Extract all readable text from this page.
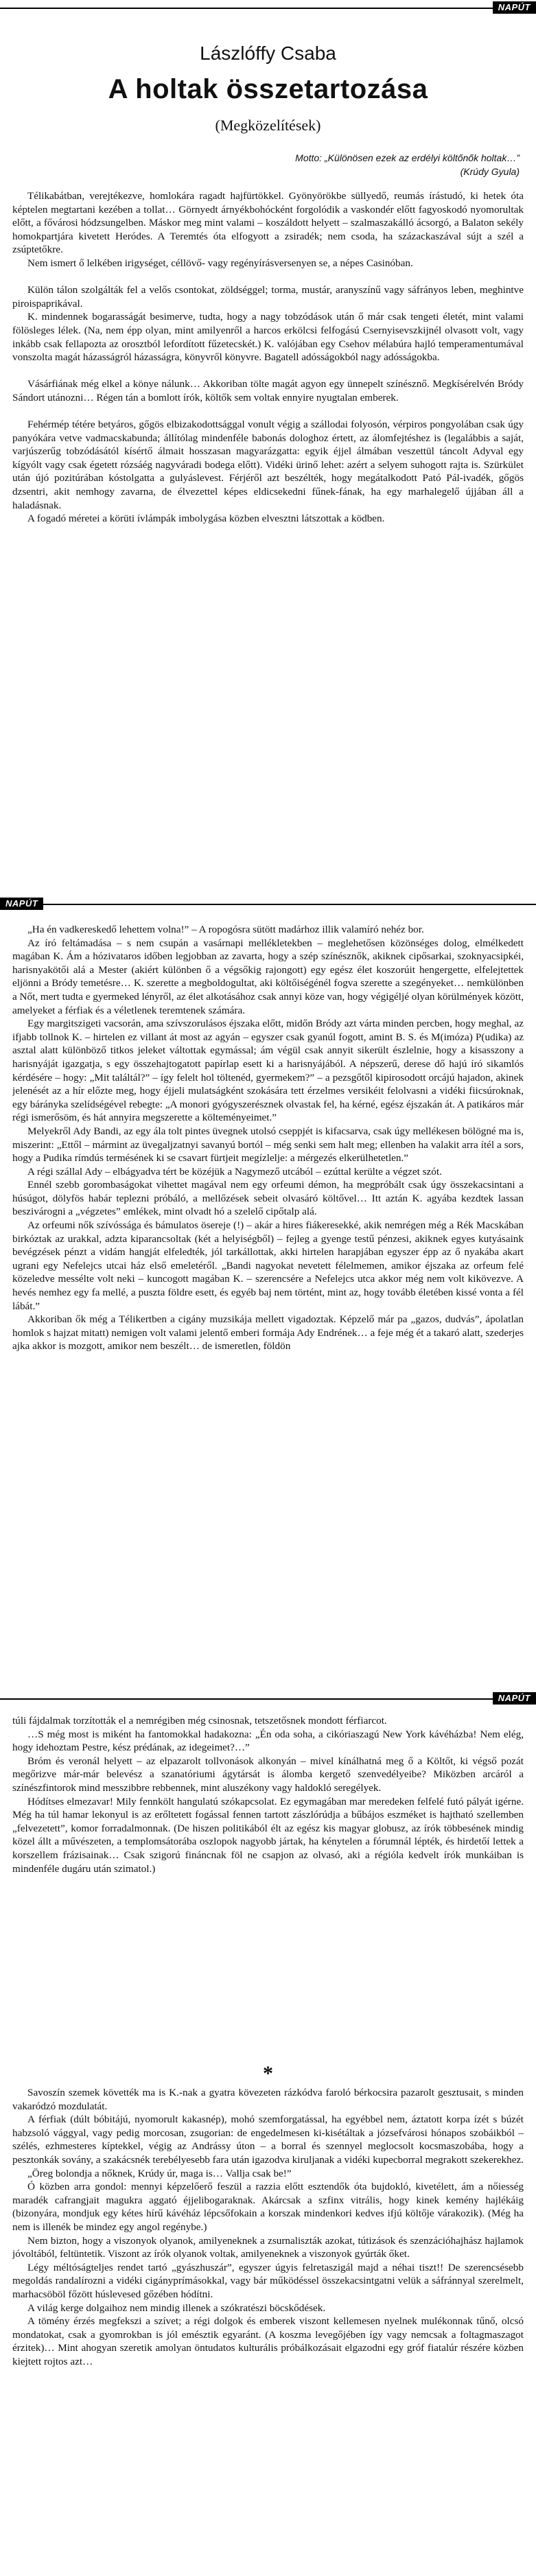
NAPÚT
Lászlóffy Csaba
A holtak összetartozása
(Megközelítések)
Motto: „Különösen ezek az erdélyi költőnők holtak…”
(Krúdy Gyula)

Télikabátban, verejtékezve, homlokára ragadt hajfürtökkel. Gyönyörökbe süllyedő, reumás írástudó, ki hetek óta képtelen megtartani kezében a tollat… Görnyedt árnyékbohócként forgolódik a vaskondér előtt fagyoskodó nyomorultak előtt, a fővárosi hódzsungelben. Máskor meg mint valami – koszáldott helyett – szalmaszakálló ácsorgó, a Balaton sekély homokpartjára kivetett Heródes. A Teremtés óta elfogyott a zsiradék; nem csoda, ha százackaszával sújt a szél a zsúptetőkre.

Nem ismert ő lelkében irigységet, céllövő- vagy regényírásversenyen se, a népes Casinóban.

Külön tálon szolgálták fel a velős csontokat, zöldséggel; torma, mustár, aranyszínű vagy sáfrányos leben, meghintve piroispaprikával.

K. mindennek bogarasságát besimerve, tudta, hogy a nagy tobzódások után ő már csak tengeti életét, mint valami fölösleges lélek. (Na, nem épp olyan, mint amilyenről a harcos erkölcsi felfogású Csernyisevszkijnél olvasott volt, vagy inkább csak fellapozta az orosztból lefordított fűzetecskét.) K. valójában egy Csehov mélabúra hajló temperamentumával vonszolta magát házasságról házasságra, könyvről könyvre. Bagatell adósságokból nagy adósságokba.

Vásárfiának még elkel a könye nálunk… Akkoriban tölte magát agyon egy ünnepelt színésznő. Megkísérelvén Bródy Sándort utánozni… Régen tán a bomlott írók, költők sem voltak ennyire nyugtalan emberek.

Fehérmép tétére betyáros, gőgös elbizakodottsággal vonult végig a szállodai folyosón, vérpiros pongyolában csak úgy panyókára vetve vadmacskabunda; állítólag mindenféle babonás dologhoz értett, az álomfejtéshez is (legalábbis a saját, varjúszerűg tobzódásától kísértő álmait hosszasan magyarázgatta: egyik éjjel álmában veszettül táncolt Adyval egy kígyólt vagy csak égetett rózsáég nagyváradi bodega előtt). Vidéki ürinő lehet: azért a selyem suhogott rajta is. Szürkület után újó pozitúrában kóstolgatta a gulyáslevest. Férjéről azt beszélték, hogy megátalkodott Pató Pál-ivadék, gőgös dzsentri, akit nemhogy zavarna, de élvezettel képes eldicsekedni fűnek-fának, ha egy marhalegelő újjában áll a haladásnak.

A fogadó méretei a körüti ívlámpák imbolygása közben elvesztni látszottak a ködben.

NAPÚT

„Ha én vadkereskedő lehettem volna!” – A ropogósra sütött madárhoz illik valamíró nehéz bor.

Az író feltámadása – s nem csupán a vasárnapi mellékletekben – meglehetősen közönséges dolog, elmélkedett magában K. Ám a hózivataros időben legjobban az zavarta, hogy a szép színésznők, akiknek cipősarkai, szoknyacsipkéi, harisnyakötői alá a Mester (akiért különben ő a végsőkig rajongott) egy egész élet koszorúit hengergette, elfelejtettek eljönni a Bródy temetésre… K. szerette a megboldogultat, aki költőiségénél fogva szerette a szegényeket… nemkülönben a Nőt, mert tudta e gyermeked lényről, az élet alkotásához csak annyi köze van, hogy végigéljé olyan körülmények között, amelyeket a férfiak és a véletlenek teremtenek számára.

Egy margitszigeti vacsorán, ama szívszorulásos éjszaka előtt, midőn Bródy azt várta minden percben, hogy meghal, az ifjabb tollnok K. – hirtelen ez villant át most az agyán – egyszer csak gyanúl fogott, amint B. S. és M(imóza) P(udika) az asztal alatt különböző titkos jeleket váltottak egymással; ám végül csak annyit sikerült észlelnie, hogy a kisasszony a harisnyáját igazgatja, s egy összehajtogatott papírlap esett ki a harisnyájából. A népszerű, derese dő hajú író sikamlós kérdésére – hogy: „Mit találtál?” – így felelt hol töltenéd, gyermekem?” – a pezsgőtől kipirosodott orcájú hajadon, akinek jelenését az a hír előzte meg, hogy éjjeli mulatságként szokására tett érzelmes versikéit felolvasni a vidéki fiicsúroknak, egy bárányka szelídségével rebegte: „A monori gyógyszerésznek olvastak fel, ha kérné, egész éjszakán át. A patikáros már régi ismerősöm, és hát annyira megszerette a költeményeimet.”

Melyekről Ady Bandi, az egy ála tolt pintes üvegnek utolsó cseppjét is kifacsarva, csak úgy mellékesen bölögné ma is, miszerint: „Ettől – mármint az üvegaljzatnyi savanyú bortól – még senki sem halt meg; ellenben ha valakit arra ítél a sors, hogy a Pudika rímdús termésének ki se csavart fürtjeit megízlelje: a mérgezés elkerülhetetlen.”

A régi szállal Ady – elbágyadva tért be közéjük a Nagymező utcából – ezúttal kerülte a végzet szót.

Ennél szebb gorombaságokat vihettet magával nem egy orfeumi démon, ha megpróbált csak úgy összekacsintani a húsúgot, dölyfös habár teplezni próbáló, a mellőzések sebeit olvasáró költővel… Itt aztán K. agyába kezdtek lassan beszivárogni a „végzetes” emlékek, mint olvadt hó a szelelő cipőtalp alá.

Az orfeumi nők szívóssága és bámulatos ösereje (!) – akár a hires fiákeresekké, akik nemrégen még a Rék Macskában birkóztak az urakkal, adzta kiparancsoltak (két a helyiségből) – fejleg a gyenge testű pénzesi, akiknek egyes kutyásaink bevégzések pénzt a vidám hangját elfeledték, jól tarkállottak, akki hirtelen harapjában egyszer épp az ő nyakába akart ugrani egy Nefelejcs utcai ház első emeletéről. „Bandi nagyokat nevetett félelmemen, amikor éjszaka az orfeum felé közeledve messélte volt neki – kuncogott magában K. – szerencsére a Nefelejcs utca akkor még nem volt kikövezve. A hevés nemhez egy fa mellé, a puszta földre esett, és egyéb baj nem történt, mint az, hogy tovább életében kissé vonta a fél lábát.”

Akkoriban ők még a Télikertben a cigány muzsikája mellett vigadoztak. Képzelő már pa „gazos, dudvás”, ápolatlan homlok s hajzat mitatt) nemigen volt valami jelentő emberi formája Ady Endrének… a feje még ét a takaró alatt, szederjes ajka akkor is mozgott, amikor nem beszélt… de ismeretlen, földön

NAPÚT

túli fájdalmak torzították el a nemrégiben még csinosnak, tetszetősnek mondott férfiarcot.

…S még most is miként ha fantomokkal hadakozna: „Én oda soha, a cikóriaszagú New York kávéházba! Nem elég, hogy idehoztam Pestre, kész prédának, az idegeimet?…”

Bróm és veronál helyett – az elpazarolt tollvonások alkonyán – mivel kínálhatná meg ő a Költőt, ki végső pozát megőrizve már-már belevész a szanatóriumi ágytársát is álomba kergető szenvedélyeibe? Miközben arcáról a színészfintorok mind messzibbre rebbennek, mint aluszékony vagy haldokló seregélyek.

Hódítses elmezavar! Mily fennkölt hangulatú szókapcsolat. Ez egymagában mar meredeken felfelé futó pályát igérne. Még ha túl hamar lekonyul is az erőltetett fogással fennen tartott zászlórúdja a bűbájos eszméket is hajtható szellemben „felvezetett”, komor forradalmonnak. (De hiszen politikából élt az egész kis magyar globusz, az írók többesének mindig közel állt a művészeten, a templomsátorába oszlopok nagyobb jártak, ha kénytelen a fórumnál lépték, és hirdetőí lettek a korszellem frázisainak… Csak szigorú fináncnak föl ne csapjon az olvasó, aki a régióla kedvelt írók munkáiban is mindenféle dugáru után szimatol.)

*

Savoszín szemek követték ma is K.-nak a gyatra kövezeten rázkódva faroló bérkocsira pazarolt gesztusait, s minden vakaródzó mozdulatát.

A férfiak (dúlt bóbitájú, nyomorult kakasnép), mohó szemforgatással, ha egyébbel nem, áztatott korpa ízét s búzét habzsoló vággyal, vagy pedig morcosan, zsugorian: de engedelmesen ki-kisétáltak a józsefvárosi hónapos szobáikból – szélés, ezhmesteres kíptekkel, végig az Andrássy úton – a borral és szennyel meglocsolt kocsmaszobába, hogy a pesztonkák sovány, a szakácsnék terebélyesebb fara után igazodva kiruljanak a vidéki kupecborral megrakott szekerekhez.

„Öreg bolondja a nőknek, Krúdy úr, maga is… Vallja csak be!”

Ó közben arra gondol: mennyi képzelőerő feszül a razzia előtt esztendők óta bujdokló, kivetélett, ám a nőiesség maradék cafrangjait magukra aggató éjjelibogaraknak. Akárcsak a szfinx vitrális, hogy kinek kemény hajlékáig (bizonyára, mondjuk egy kétes hírű kávéház lépcsőfokain a korszak mindenkori kedves ifjú költője várakozik). (Még ha nem is illenék be mindez egy angol regénybe.)

Nem bizton, hogy a viszonyok olyanok, amilyeneknek a zsurnaliszták azokat, tútizások és szenzációhajhász hajlamok jóvoltából, feltüntetik. Viszont az írók olyanok voltak, amilyeneknek a viszonyok gyúrták őket.

Légy méltóságteljes rendet tartó „gyászhuszár”, egyszer úgyis felretaszigál majd a néhai tiszt!! De szerencsésebb megoldás randalírozni a vidéki cigányprímásokkal, vagy bár működéssel összekacsintgatni velük a sáfránnyal szerelmelt, marhacsöböl főzött húslevesed gőzében hódítni.

A világ kerge dolgaihoz nem mindig illenek a szókratészi böcskődések.

A tömény érzés megfekszi a szívet; a régi dolgok és emberek viszont kellemesen nyelnek mulékonnak tűnő, olcsó mondatokat, csak a gyomrokban is jól emésztik egyaránt. (A koszma levegőjében így vagy nemcsak a foltagmaszagot érzitek)… Mint ahogyan szeretik amolyan öntudatos kulturális próbálkozásait elgazodni egy gróf fiatalúr részére közben kiejtett rojtos azt…
